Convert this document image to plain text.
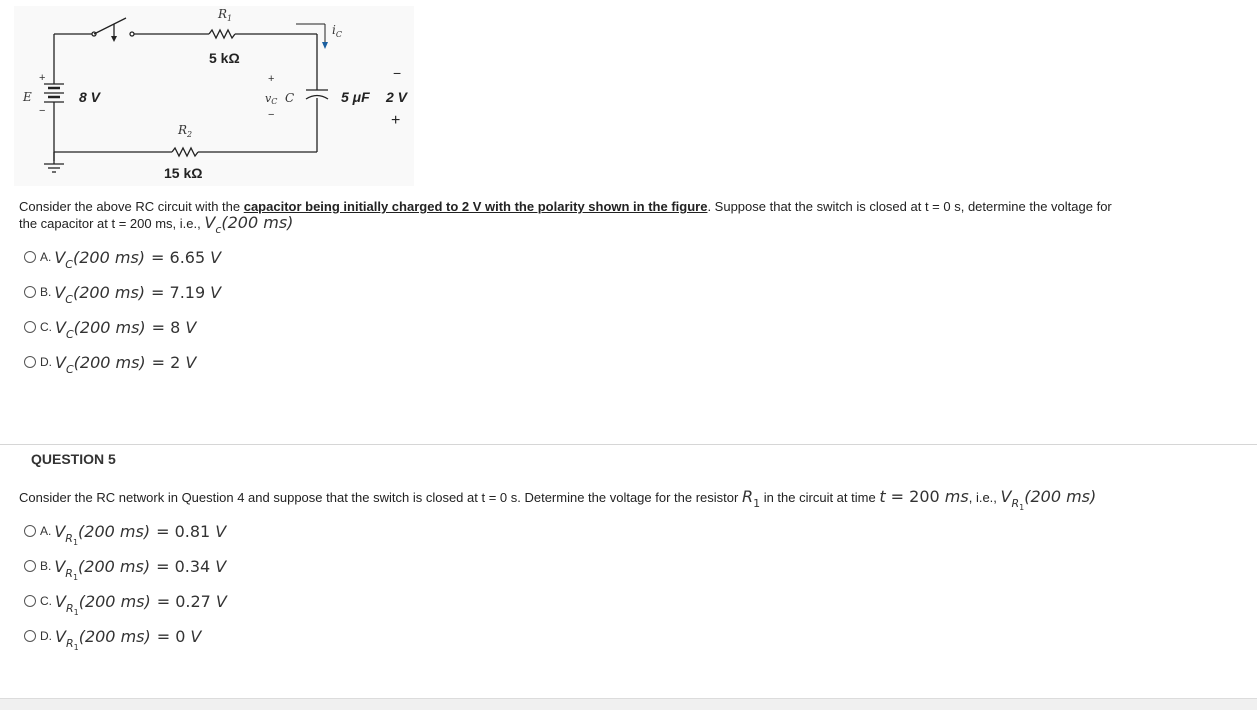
$R_1$
5 kΩ
$R_2$
15 kΩ
E
+
−
8 V
$i_C$
+
vC
−
C	5 μF 2 V
−
+
Consider the above RC circuit with the capacitor being initially charged to 2 V with the polarity shown in the figure. Suppose that the switch is closed at t = 0 s, determine the voltage for
the capacitor at t = 200 ms, i.e., $V_c(200$ ms)
A. $V_C(200$ ms) = 6.65 V
B. $V_C(200$ ms) = 7.19 V
C. $V_C(200$ ms) = 8 V
D. $V_C(200$ ms) = 2 V
QUESTION 5
Consider the RC network in Question 4 and suppose that the switch is closed at t = 0 s. Determine the voltage for the resistor $R_1$ in the circuit at time t = 200 ms, i.e., $V_{R_1}(200$ ms)
A. $V_{R_1}(200$ ms) = 0.81 V
B. $V_{R_1}(200$ ms) = 0.34 V
C. $V_{R_1}(200$ ms) = 0.27 V
D. $V_{R_1}(200$ ms) = 0 V
